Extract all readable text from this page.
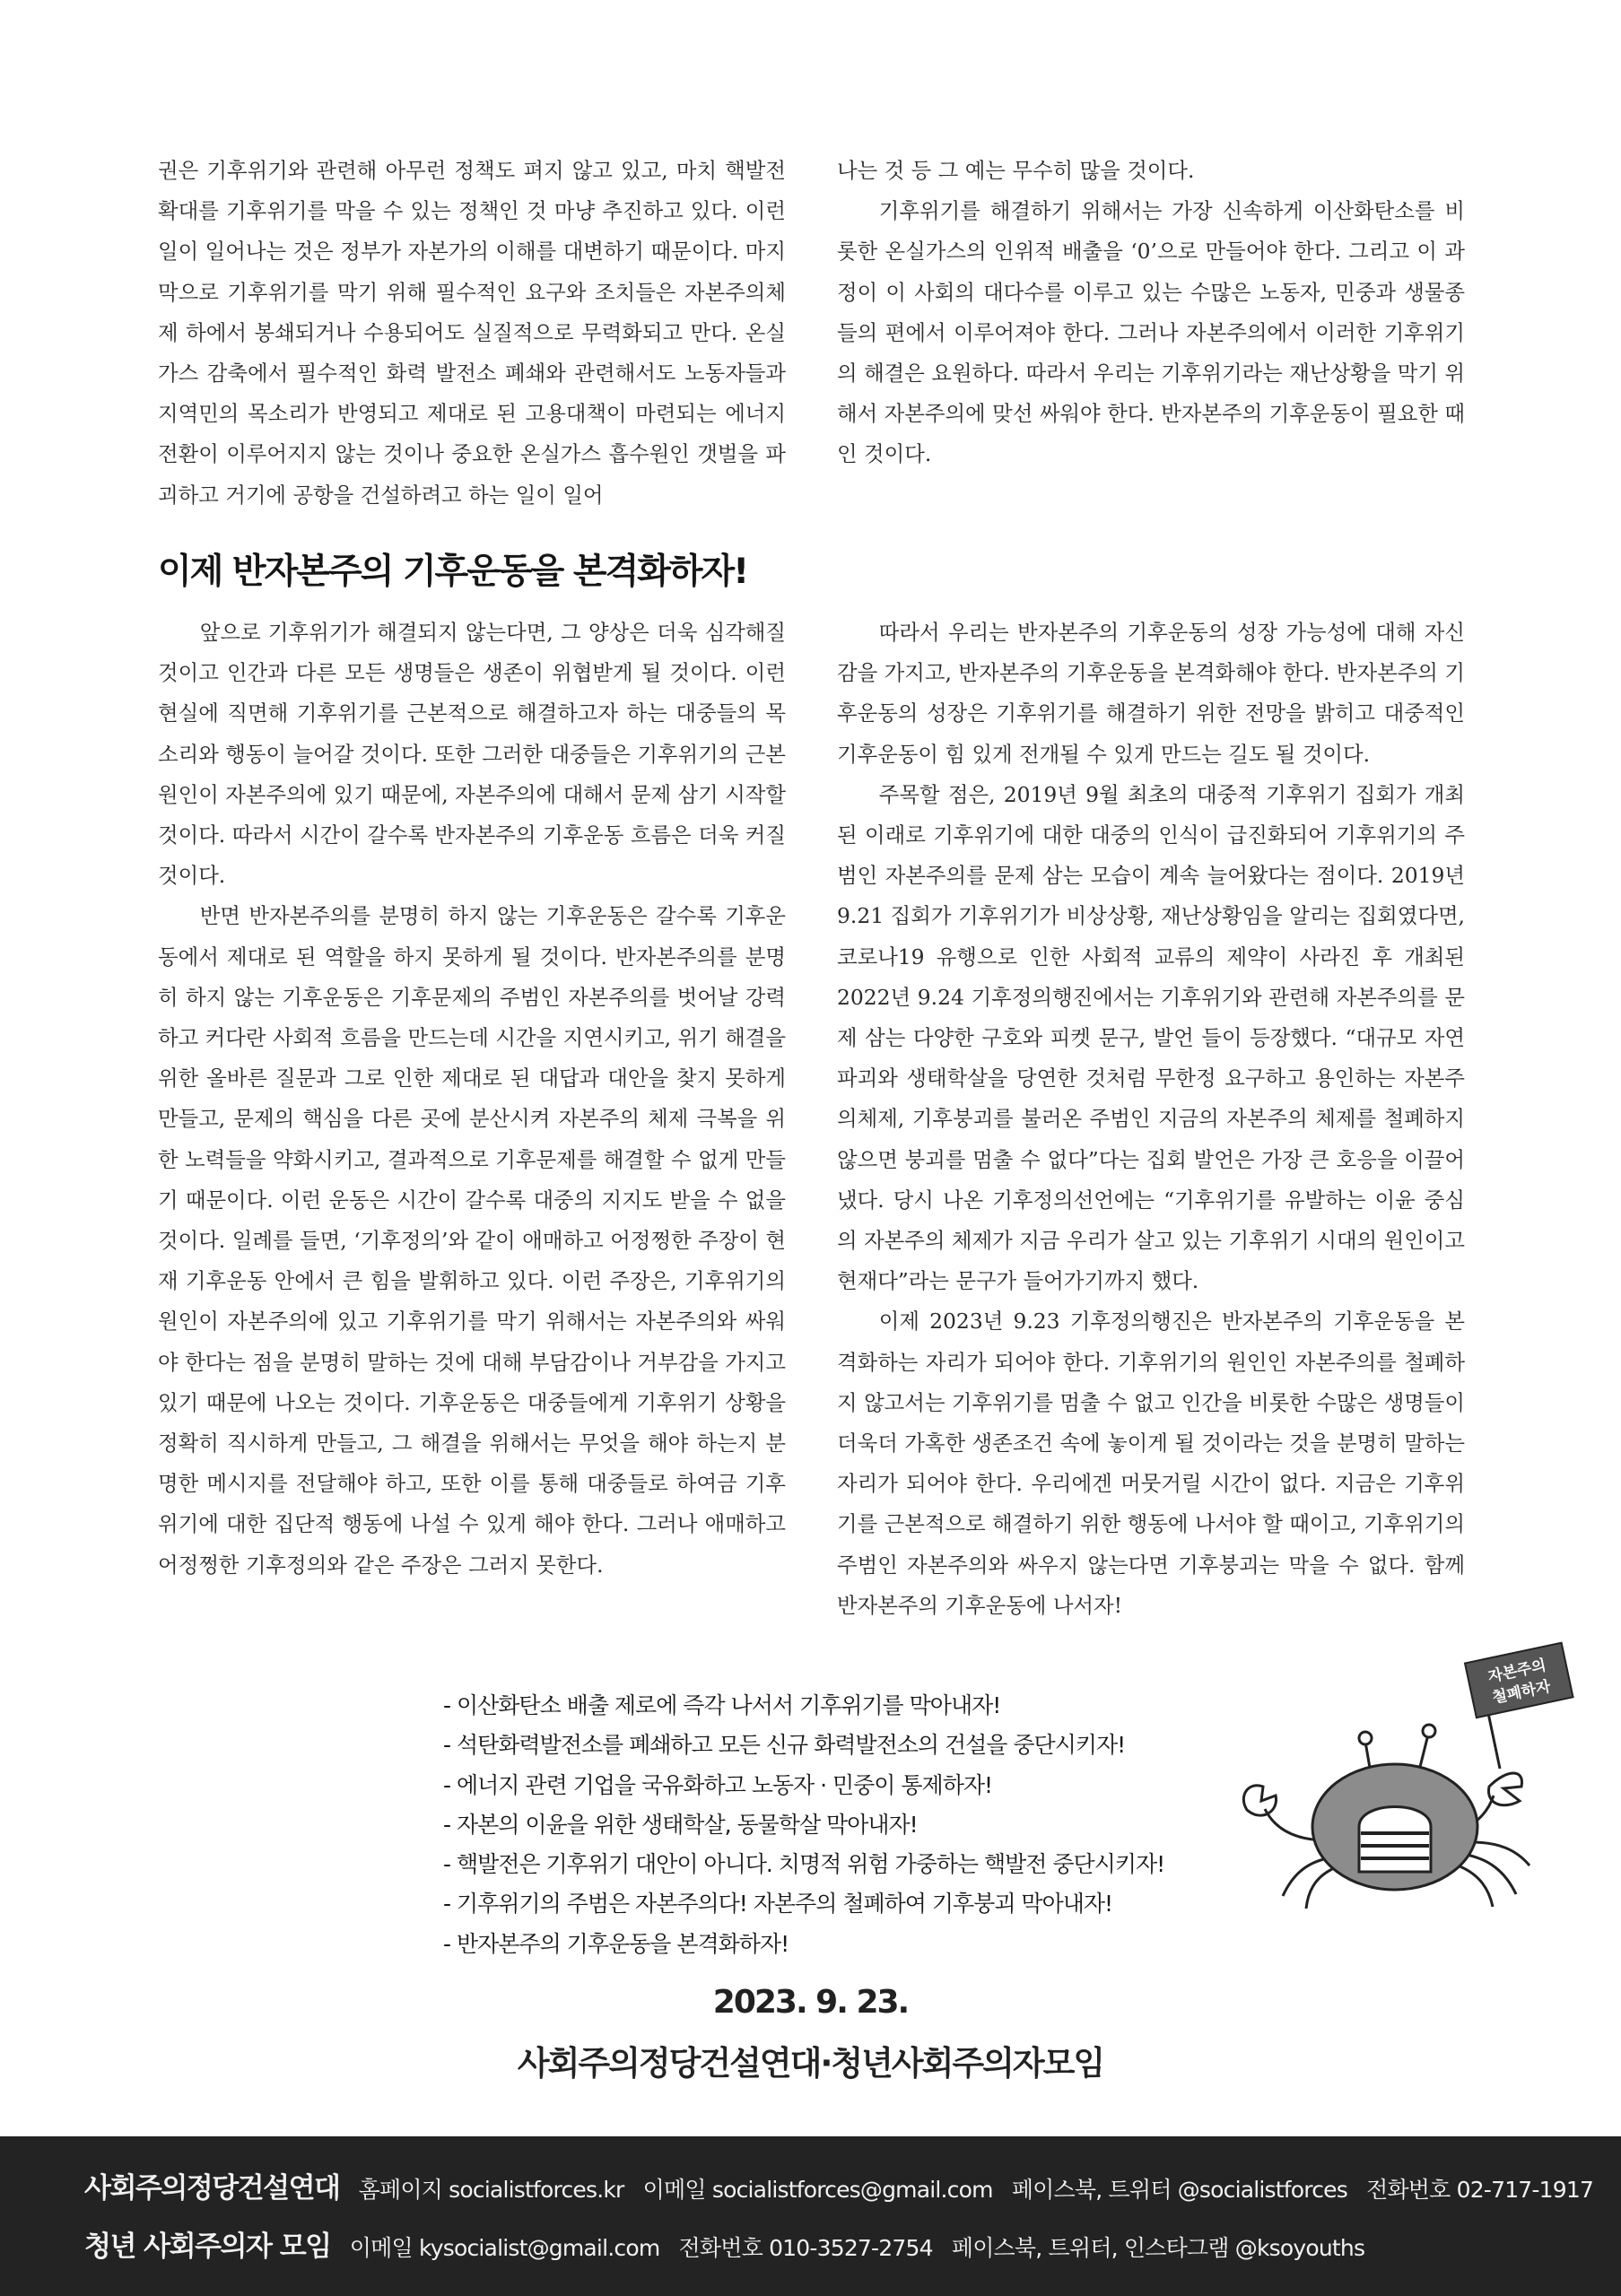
권은 기후위기와 관련해 아무런 정책도 펴지 않고 있고, 마치 핵발전 확대를 기후위기를 막을 수 있는 정책인 것 마냥 추진하고 있다. 이런 일이 일어나는 것은 정부가 자본가의 이해를 대변하기 때문이다. 마지막으로 기후위기를 막기 위해 필수적인 요구와 조치들은 자본주의체제 하에서 봉쇄되거나 수용되어도 실질적으로 무력화되고 만다. 온실가스 감축에서 필수적인 화력 발전소 폐쇄와 관련해서도 노동자들과 지역민의 목소리가 반영되고 제대로 된 고용대책이 마련되는 에너지 전환이 이루어지지 않는 것이나 중요한 온실가스 흡수원인 갯벌을 파괴하고 거기에 공항을 건설하려고 하는 일이 일어

나는 것 등 그 예는 무수히 많을 것이다.

기후위기를 해결하기 위해서는 가장 신속하게 이산화탄소를 비롯한 온실가스의 인위적 배출을 ‘0’으로 만들어야 한다. 그리고 이 과정이 이 사회의 대다수를 이루고 있는 수많은 노동자, 민중과 생물종들의 편에서 이루어져야 한다. 그러나 자본주의에서 이러한 기후위기의 해결은 요원하다. 따라서 우리는 기후위기라는 재난상황을 막기 위해서 자본주의에 맞선 싸워야 한다. 반자본주의 기후운동이 필요한 때인 것이다.

이제 반자본주의 기후운동을 본격화하자!

앞으로 기후위기가 해결되지 않는다면, 그 양상은 더욱 심각해질 것이고 인간과 다른 모든 생명들은 생존이 위협받게 될 것이다. 이런 현실에 직면해 기후위기를 근본적으로 해결하고자 하는 대중들의 목소리와 행동이 늘어갈 것이다. 또한 그러한 대중들은 기후위기의 근본 원인이 자본주의에 있기 때문에, 자본주의에 대해서 문제 삼기 시작할 것이다. 따라서 시간이 갈수록 반자본주의 기후운동 흐름은 더욱 커질 것이다.

반면 반자본주의를 분명히 하지 않는 기후운동은 갈수록 기후운동에서 제대로 된 역할을 하지 못하게 될 것이다. 반자본주의를 분명히 하지 않는 기후운동은 기후문제의 주범인 자본주의를 벗어날 강력하고 커다란 사회적 흐름을 만드는데 시간을 지연시키고, 위기 해결을 위한 올바른 질문과 그로 인한 제대로 된 대답과 대안을 찾지 못하게 만들고, 문제의 핵심을 다른 곳에 분산시켜 자본주의 체제 극복을 위한 노력들을 약화시키고, 결과적으로 기후문제를 해결할 수 없게 만들기 때문이다. 이런 운동은 시간이 갈수록 대중의 지지도 받을 수 없을 것이다. 일례를 들면, ‘기후정의’와 같이 애매하고 어정쩡한 주장이 현재 기후운동 안에서 큰 힘을 발휘하고 있다. 이런 주장은, 기후위기의 원인이 자본주의에 있고 기후위기를 막기 위해서는 자본주의와 싸워야 한다는 점을 분명히 말하는 것에 대해 부담감이나 거부감을 가지고 있기 때문에 나오는 것이다. 기후운동은 대중들에게 기후위기 상황을 정확히 직시하게 만들고, 그 해결을 위해서는 무엇을 해야 하는지 분명한 메시지를 전달해야 하고, 또한 이를 통해 대중들로 하여금 기후위기에 대한 집단적 행동에 나설 수 있게 해야 한다. 그러나 애매하고 어정쩡한 기후정의와 같은 주장은 그러지 못한다.

따라서 우리는 반자본주의 기후운동의 성장 가능성에 대해 자신감을 가지고, 반자본주의 기후운동을 본격화해야 한다. 반자본주의 기후운동의 성장은 기후위기를 해결하기 위한 전망을 밝히고 대중적인 기후운동이 힘 있게 전개될 수 있게 만드는 길도 될 것이다.

주목할 점은, 2019년 9월 최초의 대중적 기후위기 집회가 개최된 이래로 기후위기에 대한 대중의 인식이 급진화되어 기후위기의 주범인 자본주의를 문제 삼는 모습이 계속 늘어왔다는 점이다. 2019년 9.21 집회가 기후위기가 비상상황, 재난상황임을 알리는 집회였다면, 코로나19 유행으로 인한 사회적 교류의 제약이 사라진 후 개최된 2022년 9.24 기후정의행진에서는 기후위기와 관련해 자본주의를 문제 삼는 다양한 구호와 피켓 문구, 발언 들이 등장했다. “대규모 자연파괴와 생태학살을 당연한 것처럼 무한정 요구하고 용인하는 자본주의체제, 기후붕괴를 불러온 주범인 지금의 자본주의 체제를 철폐하지 않으면 붕괴를 멈출 수 없다”다는 집회 발언은 가장 큰 호응을 이끌어냈다. 당시 나온 기후정의선언에는 “기후위기를 유발하는 이윤 중심의 자본주의 체제가 지금 우리가 살고 있는 기후위기 시대의 원인이고 현재다”라는 문구가 들어가기까지 했다.

이제 2023년 9.23 기후정의행진은 반자본주의 기후운동을 본격화하는 자리가 되어야 한다. 기후위기의 원인인 자본주의를 철폐하지 않고서는 기후위기를 멈출 수 없고 인간을 비롯한 수많은 생명들이 더욱더 가혹한 생존조건 속에 놓이게 될 것이라는 것을 분명히 말하는 자리가 되어야 한다. 우리에겐 머뭇거릴 시간이 없다. 지금은 기후위기를 근본적으로 해결하기 위한 행동에 나서야 할 때이고, 기후위기의 주범인 자본주의와 싸우지 않는다면 기후붕괴는 막을 수 없다. 함께 반자본주의 기후운동에 나서자!

- 이산화탄소 배출 제로에 즉각 나서서 기후위기를 막아내자!
- 석탄화력발전소를 폐쇄하고 모든 신규 화력발전소의 건설을 중단시키자!
- 에너지 관련 기업을 국유화하고 노동자 · 민중이 통제하자!
- 자본의 이윤을 위한 생태학살, 동물학살 막아내자!
- 핵발전은 기후위기 대안이 아니다. 치명적 위험 가중하는 핵발전 중단시키자!
- 기후위기의 주범은 자본주의다! 자본주의 철폐하여 기후붕괴 막아내자!
- 반자본주의 기후운동을 본격화하자!
자본주의
철폐하자
2023. 9. 23.
사회주의정당건설연대·청년사회주의자모임
사회주의정당건설연대 홈페이지 socialistforces.kr 이메일 socialistforces@gmail.com 페이스북, 트위터 @socialistforces 전화번호 02-717-1917
청년 사회주의자 모임 이메일 kysocialist@gmail.com 전화번호 010-3527-2754 페이스북, 트위터, 인스타그램 @ksoyouths
